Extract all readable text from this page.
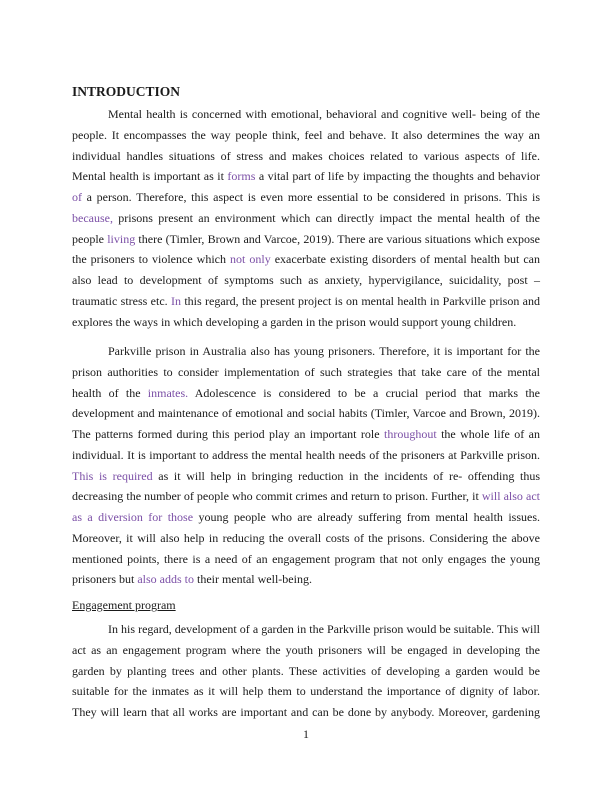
INTRODUCTION
Mental health is concerned with emotional, behavioral and cognitive well- being of the
people. It encompasses the way people think, feel and behave. It also determines the way an
individual handles situations of stress and makes choices related to various aspects of life.
Mental health is important as it forms a vital part of life by impacting the thoughts and behavior
of a person. Therefore, this aspect is even more essential to be considered in prisons. This is
because, prisons present an environment which can directly impact the mental health of the
people living there (Timler, Brown and Varcoe, 2019). There are various situations which expose
the prisoners to violence which not only exacerbate existing disorders of mental health but can
also lead to development of symptoms such as anxiety, hypervigilance, suicidality, post –
traumatic stress etc. In this regard, the present project is on mental health in Parkville prison and
explores the ways in which developing a garden in the prison would support young children.
Parkville prison in Australia also has young prisoners. Therefore, it is important for the
prison authorities to consider implementation of such strategies that take care of the mental
health of the inmates. Adolescence is considered to be a crucial period that marks the
development and maintenance of emotional and social habits (Timler, Varcoe and Brown, 2019).
The patterns formed during this period play an important role throughout the whole life of an
individual. It is important to address the mental health needs of the prisoners at Parkville prison.
This is required as it will help in bringing reduction in the incidents of re- offending thus
decreasing the number of people who commit crimes and return to prison. Further, it will also act
as a diversion for those young people who are already suffering from mental health issues.
Moreover, it will also help in reducing the overall costs of the prisons. Considering the above
mentioned points, there is a need of an engagement program that not only engages the young
prisoners but also adds to their mental well-being.
Engagement program
In his regard, development of a garden in the Parkville prison would be suitable. This will
act as an engagement program where the youth prisoners will be engaged in developing the
garden by planting trees and other plants. These activities of developing a garden would be
suitable for the inmates as it will help them to understand the importance of dignity of labor.
They will learn that all works are important and can be done by anybody. Moreover, gardening
1
